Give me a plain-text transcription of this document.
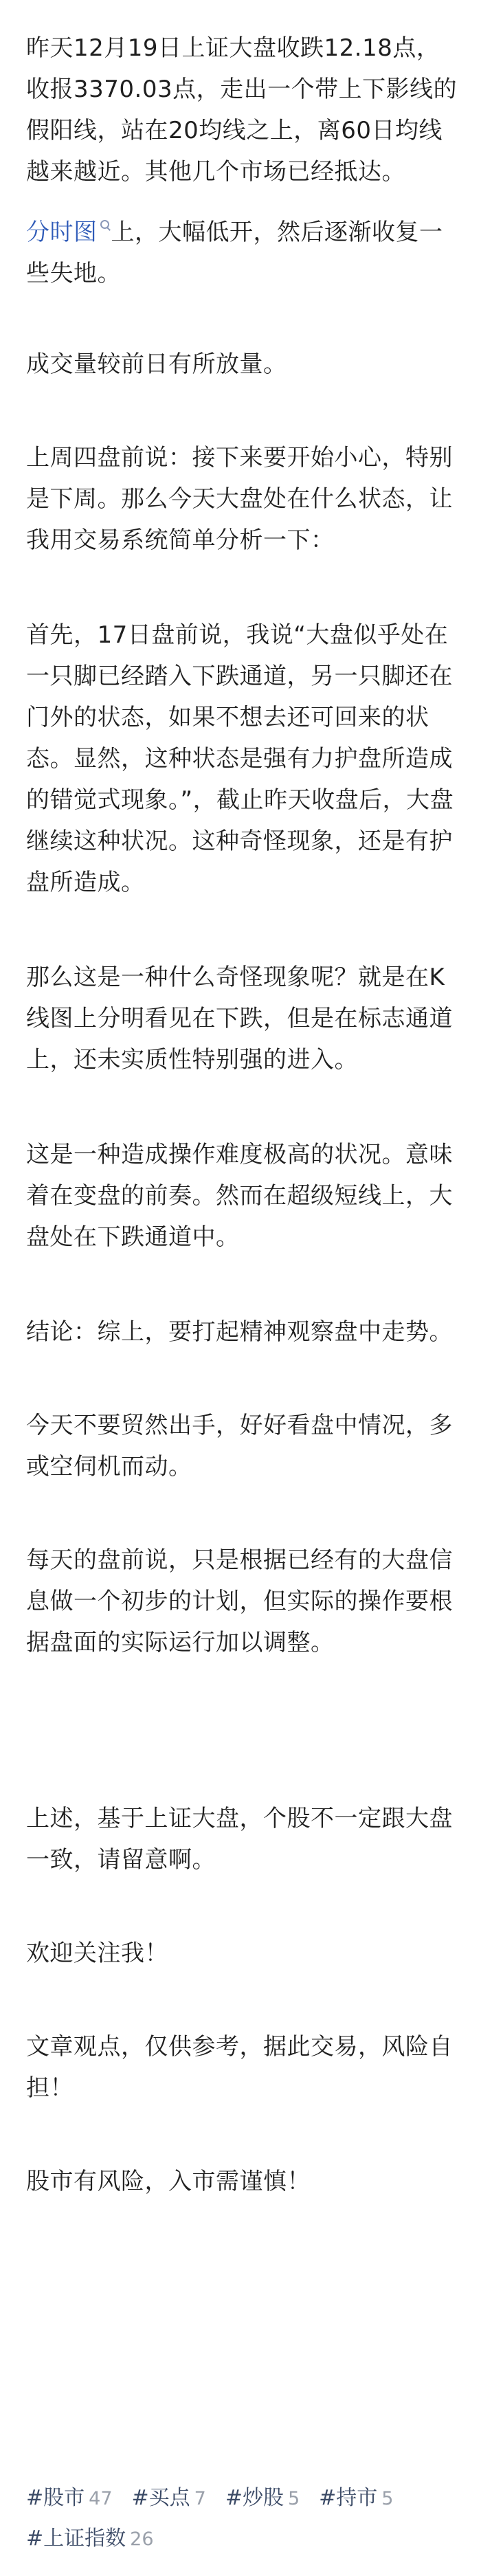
昨天12月19日上证大盘收跌12.18点，收报3370.03点，走出一个带上下影线的假阳线，站在20均线之上，离60日均线越来越近。其他几个市场已经抵达。

分时图 上，大幅低开，然后逐渐收复一些失地。

成交量较前日有所放量。

上周四盘前说：接下来要开始小心，特别是下周。那么今天大盘处在什么状态，让我用交易系统简单分析一下：

首先，17日盘前说，我说“大盘似乎处在一只脚已经踏入下跌通道，另一只脚还在门外的状态，如果不想去还可回来的状态。显然，这种状态是强有力护盘所造成的错觉式现象。”，截止昨天收盘后，大盘继续这种状况。这种奇怪现象，还是有护盘所造成。

那么这是一种什么奇怪现象呢？就是在K线图上分明看见在下跌，但是在标志通道上，还未实质性特别强的进入。

这是一种造成操作难度极高的状况。意味着在变盘的前奏。然而在超级短线上，大盘处在下跌通道中。

结论：综上，要打起精神观察盘中走势。

今天不要贸然出手，好好看盘中情况，多或空伺机而动。

每天的盘前说，只是根据已经有的大盘信息做一个初步的计划，但实际的操作要根据盘面的实际运行加以调整。

上述，基于上证大盘，个股不一定跟大盘一致，请留意啊。

欢迎关注我！

文章观点，仅供参考，据此交易，风险自担！

股市有风险，入市需谨慎！

#股市 47 #买点 7 #炒股 5 #持市 5
#上证指数 26
